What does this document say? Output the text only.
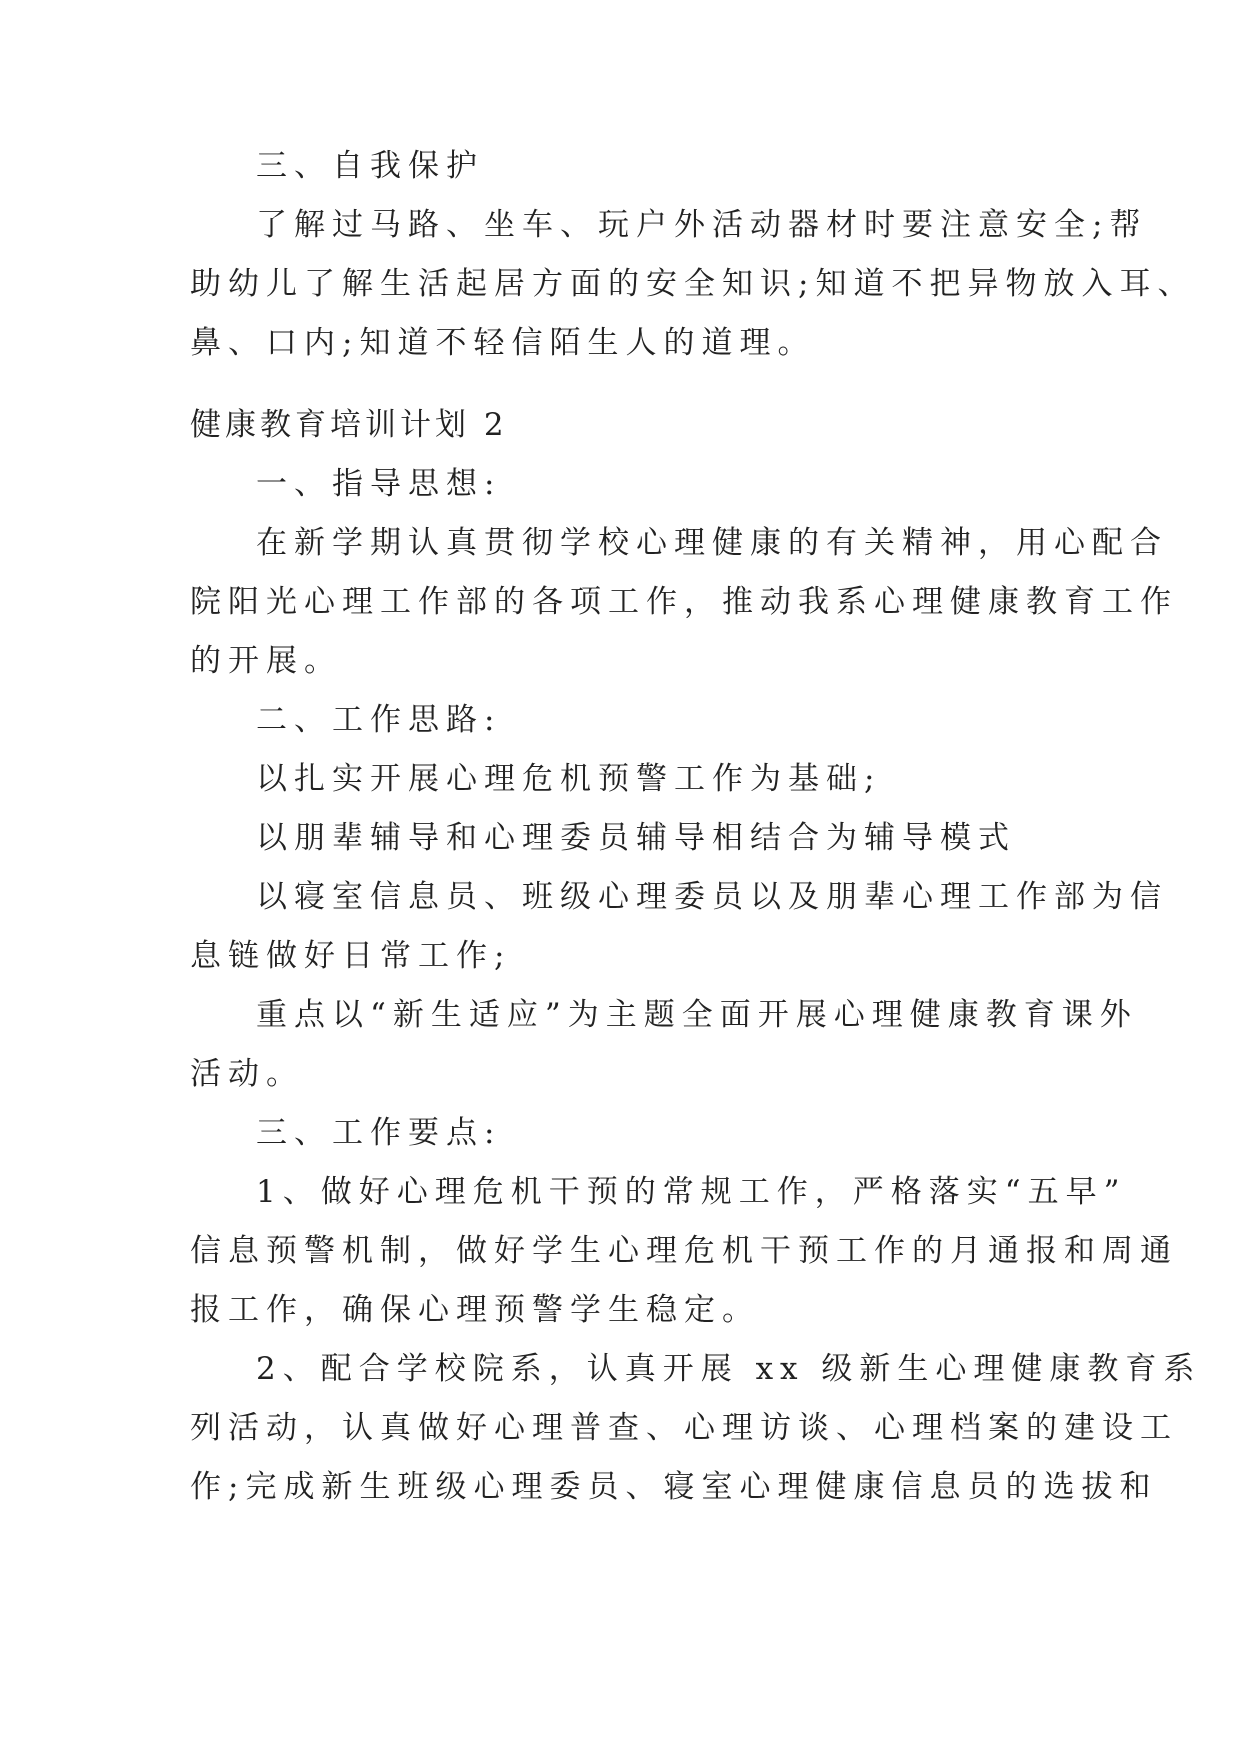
三、自我保护
了解过马路、坐车、玩户外活动器材时要注意安全;帮
助幼儿了解生活起居方面的安全知识;知道不把异物放入耳、
鼻、口内;知道不轻信陌生人的道理。
健康教育培训计划 2
一、指导思想:
在新学期认真贯彻学校心理健康的有关精神，用心配合
院阳光心理工作部的各项工作，推动我系心理健康教育工作
的开展。
二、工作思路:
以扎实开展心理危机预警工作为基础;
以朋辈辅导和心理委员辅导相结合为辅导模式
以寝室信息员、班级心理委员以及朋辈心理工作部为信
息链做好日常工作;
重点以“新生适应”为主题全面开展心理健康教育课外
活动。
三、工作要点:
1、做好心理危机干预的常规工作，严格落实“五早”
信息预警机制，做好学生心理危机干预工作的月通报和周通
报工作，确保心理预警学生稳定。
2、配合学校院系，认真开展 xx 级新生心理健康教育系
列活动，认真做好心理普查、心理访谈、心理档案的建设工
作;完成新生班级心理委员、寝室心理健康信息员的选拔和
